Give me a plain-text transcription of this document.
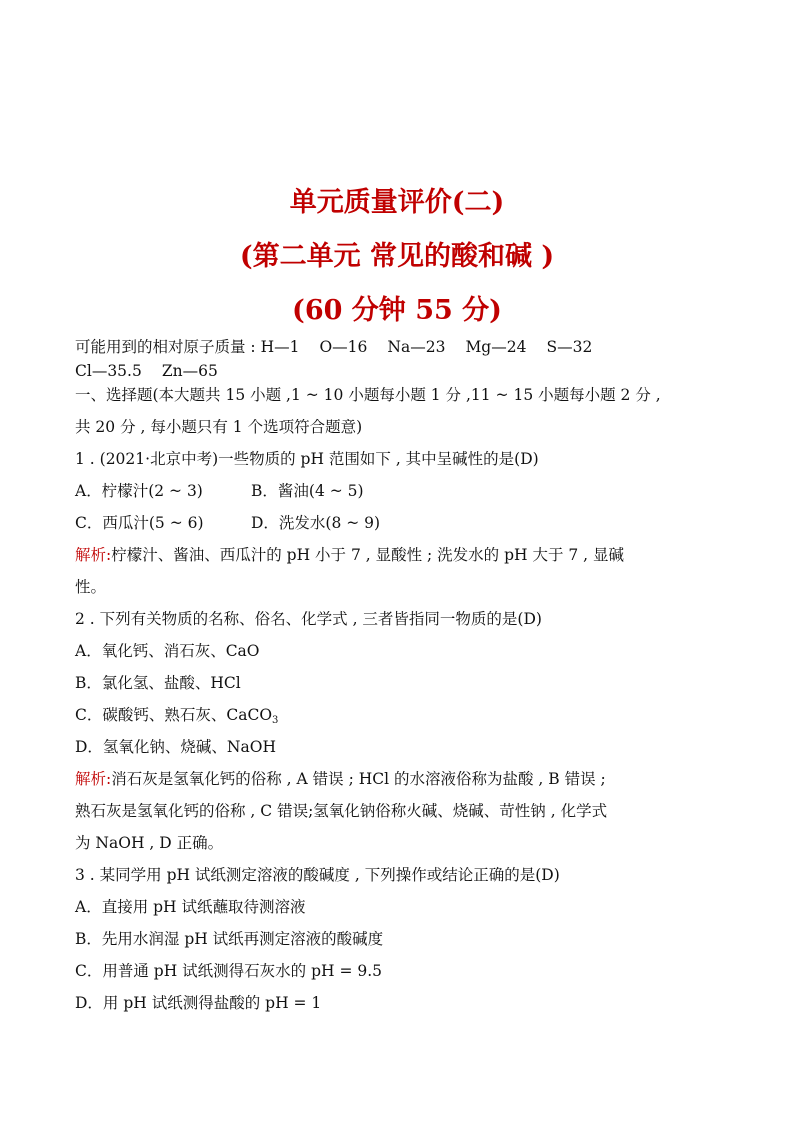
单元质量评价(二)
(第二单元 常见的酸和碱 )
(60 分钟 55 分)
可能用到的相对原子质量 : H—1 O—16 Na—23 Mg—24 S—32
Cl—35.5 Zn—65
一、选择题(本大题共 15 小题 ,1 ~ 10 小题每小题 1 分 ,11 ~ 15 小题每小题 2 分 ,
共 20 分 , 每小题只有 1 个选项符合题意)
1 . (2021·北京中考)一些物质的 pH 范围如下 , 其中呈碱性的是(D)
A．柠檬汁(2 ~ 3)	B．酱油(4 ~ 5)
C．西瓜汁(5 ~ 6)	D．洗发水(8 ~ 9)
解析:柠檬汁、酱油、西瓜汁的 pH 小于 7 , 显酸性 ; 洗发水的 pH 大于 7 , 显碱
性。
2 . 下列有关物质的名称、俗名、化学式 , 三者皆指同一物质的是(D)
A．氧化钙、消石灰、CaO
B．氯化氢、盐酸、HCl
C．碳酸钙、熟石灰、CaCO$_3$
D．氢氧化钠、烧碱、NaOH
解析:消石灰是氢氧化钙的俗称 , A 错误 ; HCl 的水溶液俗称为盐酸 , B 错误 ;
熟石灰是氢氧化钙的俗称 , C 错误;氢氧化钠俗称火碱、烧碱、苛性钠 , 化学式
为 NaOH , D 正确。
3 . 某同学用 pH 试纸测定溶液的酸碱度 , 下列操作或结论正确的是(D)
A．直接用 pH 试纸蘸取待测溶液
B．先用水润湿 pH 试纸再测定溶液的酸碱度
C．用普通 pH 试纸测得石灰水的 pH = 9.5
D．用 pH 试纸测得盐酸的 pH = 1
